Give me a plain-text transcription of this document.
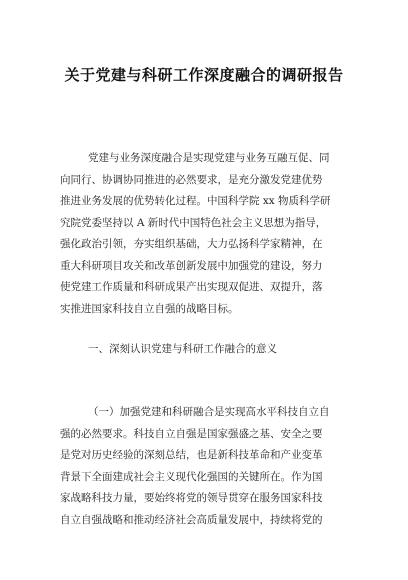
关于党建与科研工作深度融合的调研报告
党建与业务深度融合是实现党建与业务互融互促、同
向同行、协调协同推进的必然要求，是充分激发党建优势
推进业务发展的优势转化过程。中国科学院 xx 物质科学研
究院党委坚持以 A 新时代中国特色社会主义思想为指导，
强化政治引领，夯实组织基础，大力弘扬科学家精神，在
重大科研项目攻关和改革创新发展中加强党的建设，努力
使党建工作质量和科研成果产出实现双促进、双提升，落
实推进国家科技自立自强的战略目标。
一、深刻认识党建与科研工作融合的意义
（一）加强党建和科研融合是实现高水平科技自立自
强的必然要求。科技自立自强是国家强盛之基、安全之要
是党对历史经验的深刻总结，也是新科技革命和产业变革
背景下全面建成社会主义现代化强国的关键所在。作为国
家战略科技力量，要始终将党的领导贯穿在服务国家科技
自立自强战略和推动经济社会高质量发展中，持续将党的
